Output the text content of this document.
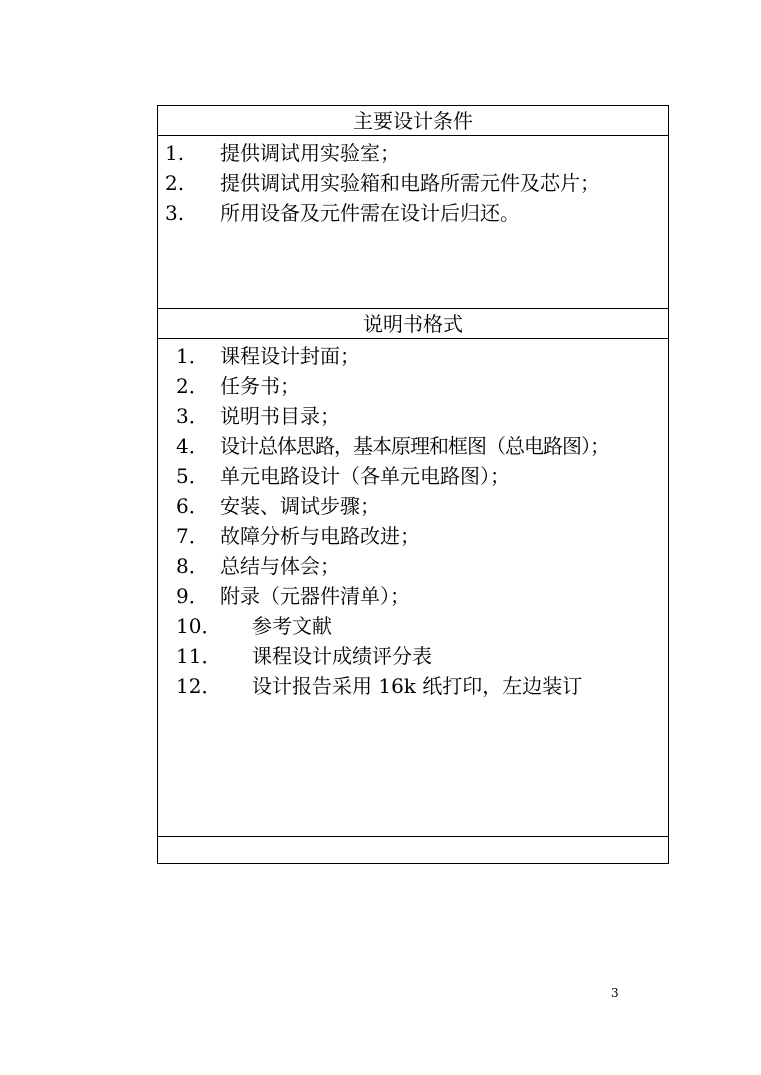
主要设计条件
1. 提供调试用实验室；
2. 提供调试用实验箱和电路所需元件及芯片；
3. 所用设备及元件需在设计后归还。
说明书格式
1． 课程设计封面；
2． 任务书；
3． 说明书目录；
4． 设计总体思路，基本原理和框图（总电路图）；
5． 单元电路设计（各单元电路图）；
6． 安装、调试步骤；
7． 故障分析与电路改进；
8． 总结与体会；
9． 附录（元器件清单）；
10． 参考文献
11． 课程设计成绩评分表
12． 设计报告采用 16k 纸打印，左边装订
3
